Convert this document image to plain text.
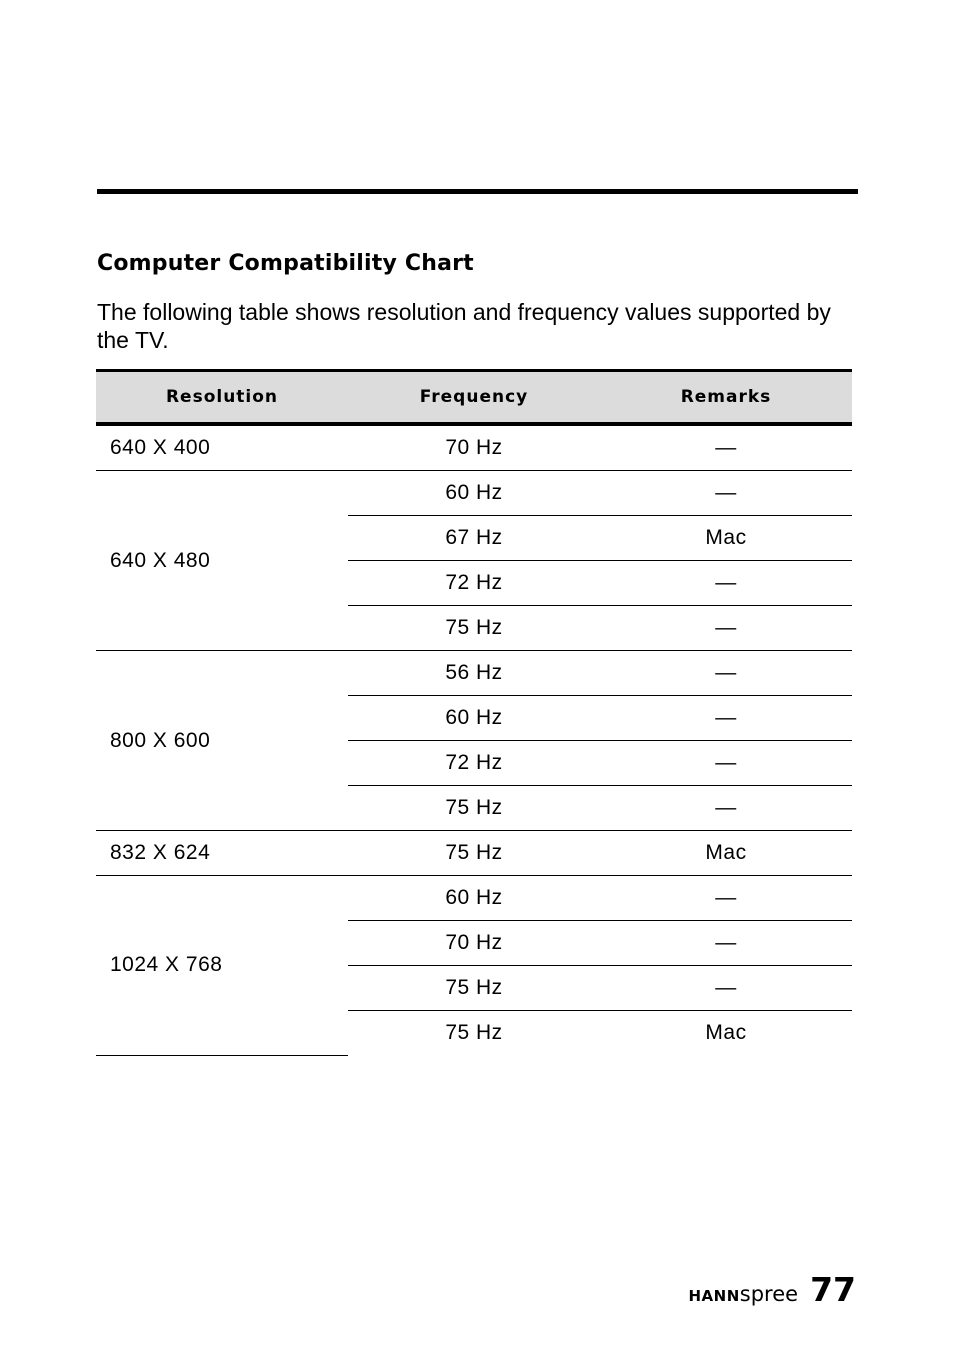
Computer Compatibility Chart

The following table shows resolution and frequency values supported by the TV.

Resolution	Frequency	Remarks
640 X 400	70 Hz	—
640 X 480	60 Hz	—
	67 Hz	Mac
	72 Hz	—
	75 Hz	—
800 X 600	56 Hz	—
	60 Hz	—
	72 Hz	—
	75 Hz	—
832 X 624	75 Hz	Mac
1024 X 768	60 Hz	—
	70 Hz	—
	75 Hz	—
	75 Hz	Mac
HANN spree 77
